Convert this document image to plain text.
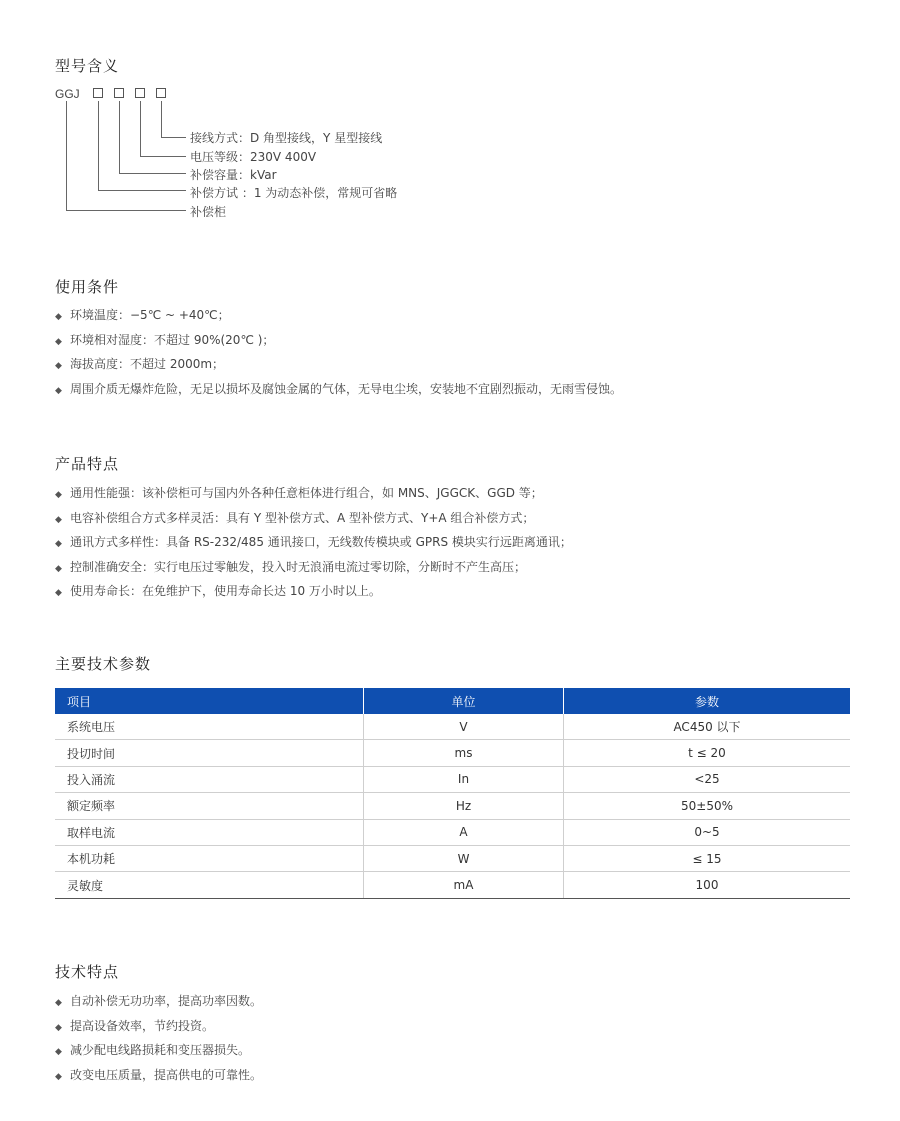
型号含义
GGJ
接线方式：D 角型接线，Y 星型接线
电压等级：230V 400V
补偿容量：kVar
补偿方试 ：1 为动态补偿，常规可省略
补偿柜
使用条件
◆ 环境温度：−5℃ ~ +40℃；
◆ 环境相对湿度：不超过 90%(20℃ )；
◆ 海拔高度：不超过 2000m；
◆ 周围介质无爆炸危险，无足以损坏及腐蚀金属的气体，无导电尘埃，安装地不宜剧烈振动，无雨雪侵蚀。
产品特点
◆ 通用性能强：该补偿柜可与国内外各种任意柜体进行组合，如 MNS、JGGCK、GGD 等；
◆ 电容补偿组合方式多样灵活：具有 Y 型补偿方式、A 型补偿方式、Y+A 组合补偿方式；
◆ 通讯方式多样性：具备 RS-232/485 通讯接口，无线数传模块或 GPRS 模块实行远距离通讯；
◆ 控制准确安全：实行电压过零触发，投入时无浪涌电流过零切除，分断时不产生高压；
◆ 使用寿命长：在免维护下，使用寿命长达 10 万小时以上。
主要技术参数
项目	单位	参数
系统电压	V	AC450 以下
投切时间	ms	t ≤ 20
投入涌流	In	<25
额定频率	Hz	50±50%
取样电流	A	0~5
本机功耗	W	≤ 15
灵敏度	mA	100
技术特点
◆ 自动补偿无功功率，提高功率因数。
◆ 提高设备效率，节约投资。
◆ 减少配电线路损耗和变压器损失。
◆ 改变电压质量，提高供电的可靠性。
